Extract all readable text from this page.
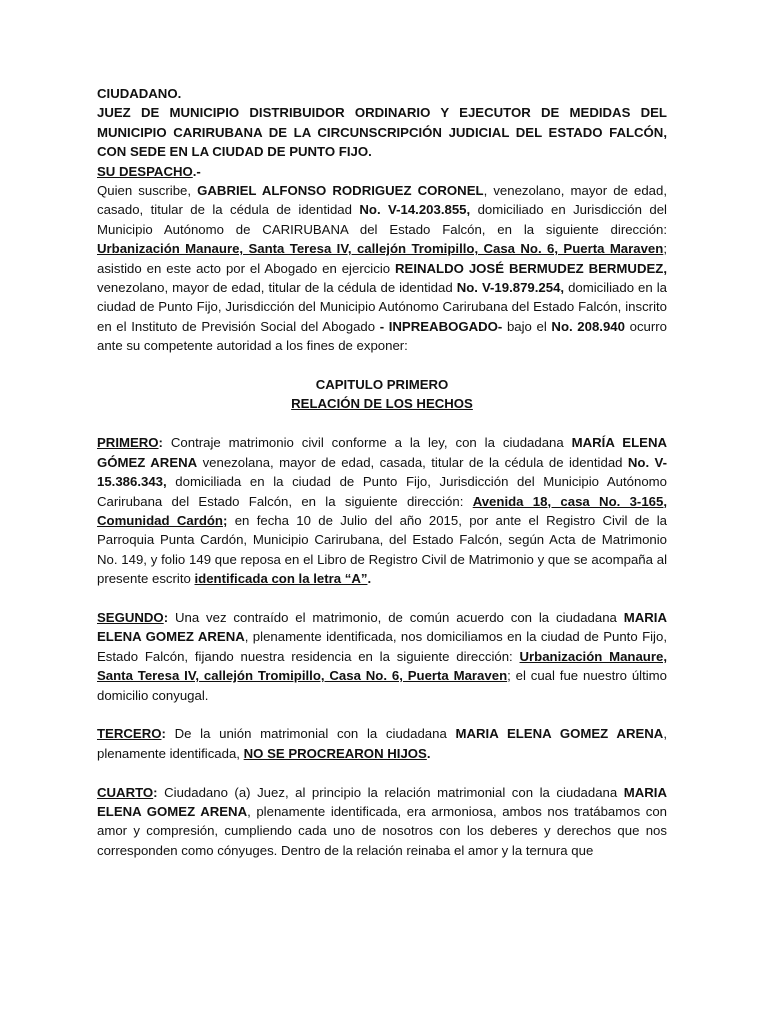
CIUDADANO.

JUEZ DE MUNICIPIO DISTRIBUIDOR ORDINARIO Y EJECUTOR DE MEDIDAS DEL MUNICIPIO CARIRUBANA DE LA CIRCUNSCRIPCIÓN JUDICIAL DEL ESTADO FALCÓN, CON SEDE EN LA CIUDAD DE PUNTO FIJO.

SU DESPACHO.-

Quien suscribe, GABRIEL ALFONSO RODRIGUEZ CORONEL, venezolano, mayor de edad, casado, titular de la cédula de identidad No. V-14.203.855, domiciliado en Jurisdicción del Municipio Autónomo de CARIRUBANA del Estado Falcón, en la siguiente dirección: Urbanización Manaure, Santa Teresa IV, callejón Tromipillo, Casa No. 6, Puerta Maraven; asistido en este acto por el Abogado en ejercicio REINALDO JOSÉ BERMUDEZ BERMUDEZ, venezolano, mayor de edad, titular de la cédula de identidad No. V-19.879.254, domiciliado en la ciudad de Punto Fijo, Jurisdicción del Municipio Autónomo Carirubana del Estado Falcón, inscrito en el Instituto de Previsión Social del Abogado - INPREABOGADO- bajo el No. 208.940 ocurro ante su competente autoridad a los fines de exponer:

CAPITULO PRIMERO

RELACIÓN DE LOS HECHOS

PRIMERO: Contraje matrimonio civil conforme a la ley, con la ciudadana MARÍA ELENA GÓMEZ ARENA venezolana, mayor de edad, casada, titular de la cédula de identidad No. V-15.386.343, domiciliada en la ciudad de Punto Fijo, Jurisdicción del Municipio Autónomo Carirubana del Estado Falcón, en la siguiente dirección: Avenida 18, casa No. 3-165, Comunidad Cardón; en fecha 10 de Julio del año 2015, por ante el Registro Civil de la Parroquia Punta Cardón, Municipio Carirubana, del Estado Falcón, según Acta de Matrimonio No. 149, y folio 149 que reposa en el Libro de Registro Civil de Matrimonio y que se acompaña al presente escrito identificada con la letra “A”.

SEGUNDO: Una vez contraído el matrimonio, de común acuerdo con la ciudadana MARIA ELENA GOMEZ ARENA, plenamente identificada, nos domiciliamos en la ciudad de Punto Fijo, Estado Falcón, fijando nuestra residencia en la siguiente dirección: Urbanización Manaure, Santa Teresa IV, callejón Tromipillo, Casa No. 6, Puerta Maraven; el cual fue nuestro último domicilio conyugal.

TERCERO: De la unión matrimonial con la ciudadana MARIA ELENA GOMEZ ARENA, plenamente identificada, NO SE PROCREARON HIJOS.

CUARTO: Ciudadano (a) Juez, al principio la relación matrimonial con la ciudadana MARIA ELENA GOMEZ ARENA, plenamente identificada, era armoniosa, ambos nos tratábamos con amor y compresión, cumpliendo cada uno de nosotros con los deberes y derechos que nos corresponden como cónyuges. Dentro de la relación reinaba el amor y la ternura que
